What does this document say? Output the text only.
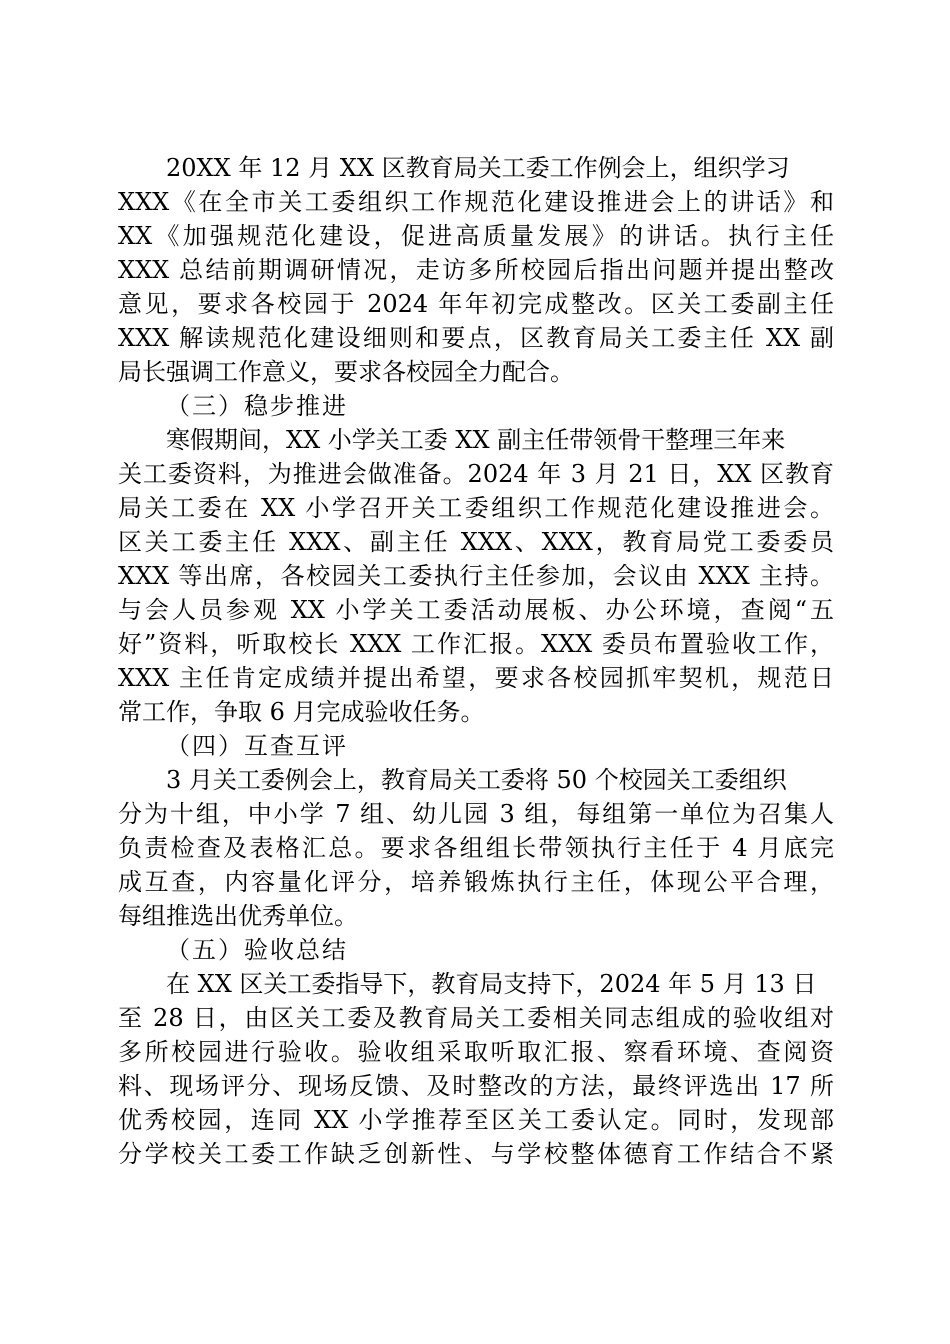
20XX 年 12 月 XX 区教育局关工委工作例会上，组织学习
XXX《在全市关工委组织工作规范化建设推进会上的讲话》和
XX《加强规范化建设，促进高质量发展》的讲话。执行主任
XXX 总结前期调研情况，走访多所校园后指出问题并提出整改
意见，要求各校园于 2024 年年初完成整改。区关工委副主任
XXX 解读规范化建设细则和要点，区教育局关工委主任 XX 副
局长强调工作意义，要求各校园全力配合。
（三）稳步推进
寒假期间，XX 小学关工委 XX 副主任带领骨干整理三年来
关工委资料，为推进会做准备。2024 年 3 月 21 日，XX 区教育
局关工委在 XX 小学召开关工委组织工作规范化建设推进会。
区关工委主任 XXX、副主任 XXX、XXX，教育局党工委委员
XXX 等出席，各校园关工委执行主任参加，会议由 XXX 主持。
与会人员参观 XX 小学关工委活动展板、办公环境，查阅“五
好”资料，听取校长 XXX 工作汇报。XXX 委员布置验收工作，
XXX 主任肯定成绩并提出希望，要求各校园抓牢契机，规范日
常工作，争取 6 月完成验收任务。
（四）互查互评
3 月关工委例会上，教育局关工委将 50 个校园关工委组织
分为十组，中小学 7 组、幼儿园 3 组，每组第一单位为召集人
负责检查及表格汇总。要求各组组长带领执行主任于 4 月底完
成互查，内容量化评分，培养锻炼执行主任，体现公平合理，
每组推选出优秀单位。
（五）验收总结
在 XX 区关工委指导下，教育局支持下，2024 年 5 月 13 日
至 28 日，由区关工委及教育局关工委相关同志组成的验收组对
多所校园进行验收。验收组采取听取汇报、察看环境、查阅资
料、现场评分、现场反馈、及时整改的方法，最终评选出 17 所
优秀校园，连同 XX 小学推荐至区关工委认定。同时，发现部
分学校关工委工作缺乏创新性、与学校整体德育工作结合不紧
